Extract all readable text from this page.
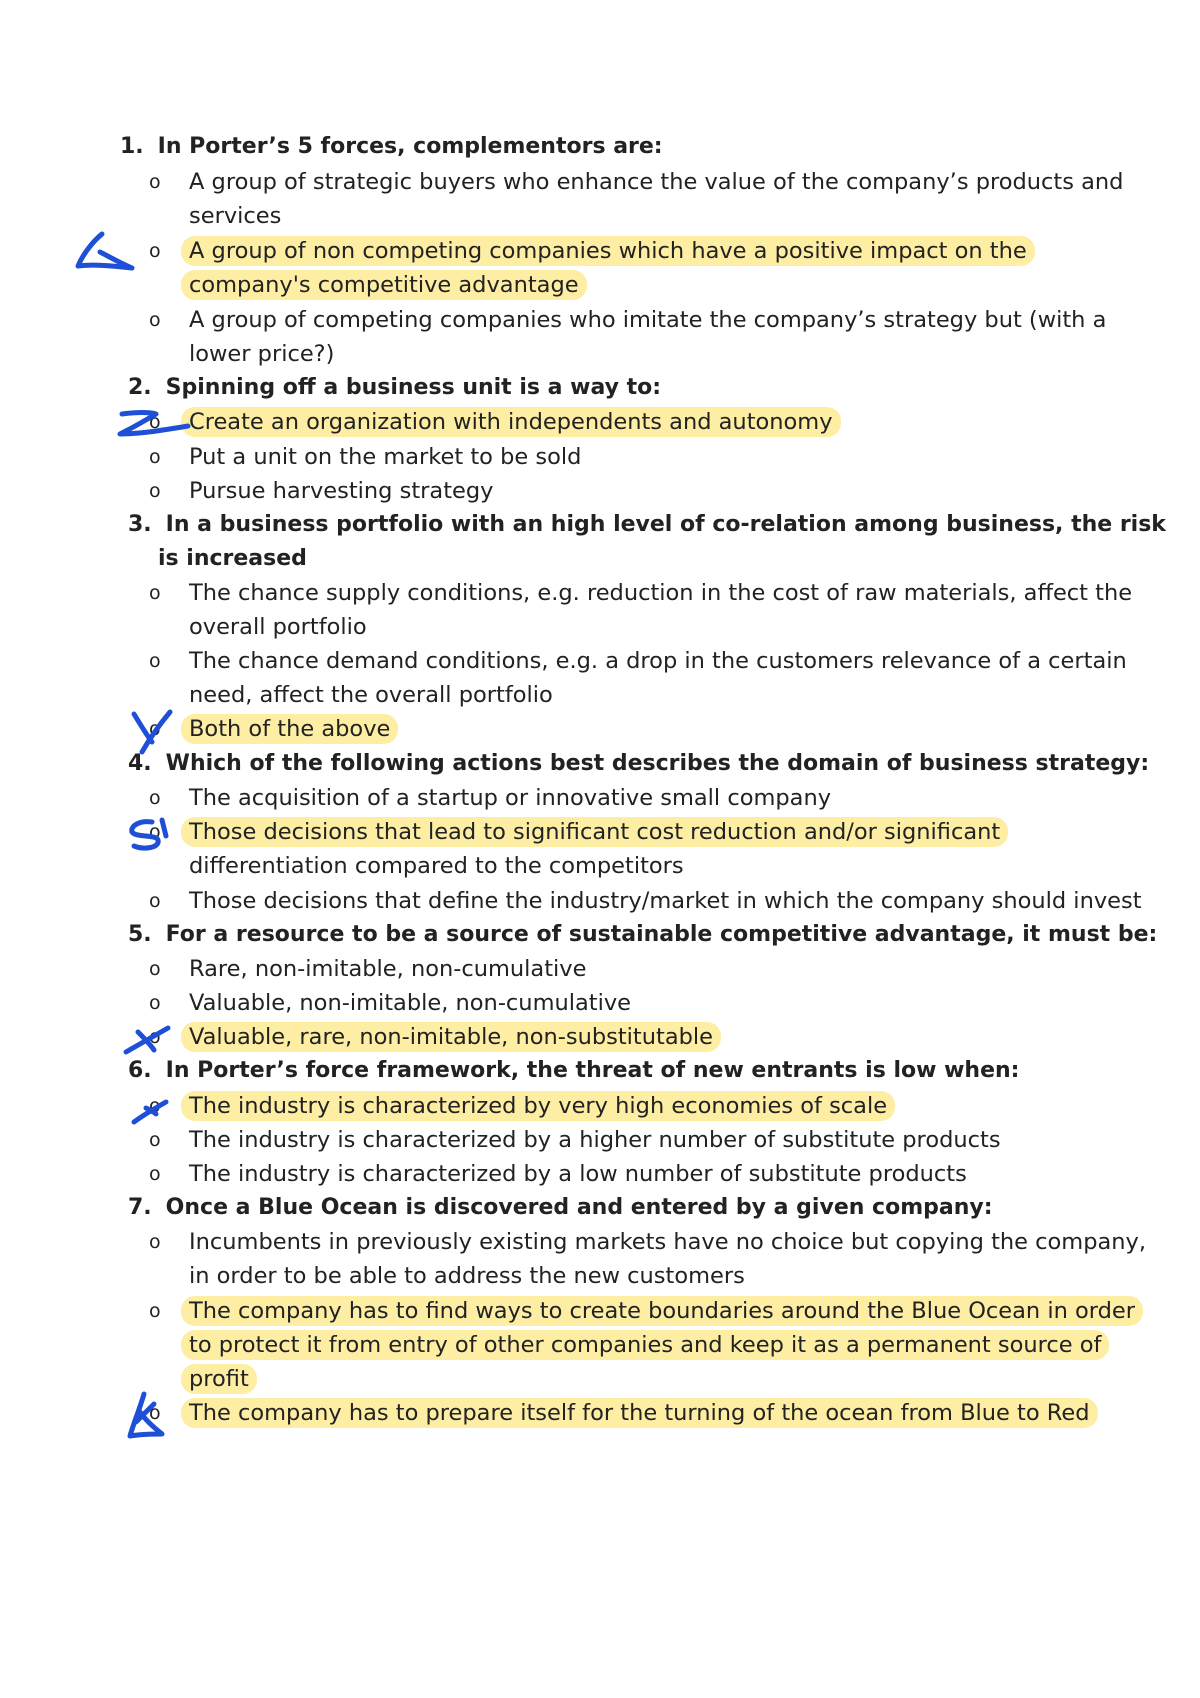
1. In Porter’s 5 forces, complementors are:
o	A group of strategic buyers who enhance the value of the company’s products and
services
o	A group of non competing companies which have a positive impact on the
company's competitive advantage
o	A group of competing companies who imitate the company’s strategy but (with a
lower price?)
2. Spinning off a business unit is a way to:
o	Create an organization with independents and autonomy
o	Put a unit on the market to be sold
o	Pursue harvesting strategy
3. In a business portfolio with an high level of co-relation among business, the risk
is increased
o	The chance supply conditions, e.g. reduction in the cost of raw materials, affect the
overall portfolio
o	The chance demand conditions, e.g. a drop in the customers relevance of a certain
need, affect the overall portfolio
o	Both of the above
4. Which of the following actions best describes the domain of business strategy:
o	The acquisition of a startup or innovative small company
o	Those decisions that lead to significant cost reduction and/or significant
differentiation compared to the competitors
o	Those decisions that define the industry/market in which the company should invest
5. For a resource to be a source of sustainable competitive advantage, it must be:
o	Rare, non-imitable, non-cumulative
o	Valuable, non-imitable, non-cumulative
o	Valuable, rare, non-imitable, non-substitutable
6. In Porter’s force framework, the threat of new entrants is low when:
o	The industry is characterized by very high economies of scale
o	The industry is characterized by a higher number of substitute products
o	The industry is characterized by a low number of substitute products
7. Once a Blue Ocean is discovered and entered by a given company:
o	Incumbents in previously existing markets have no choice but copying the company,
in order to be able to address the new customers
o	The company has to find ways to create boundaries around the Blue Ocean in order
to protect it from entry of other companies and keep it as a permanent source of
profit
o	The company has to prepare itself for the turning of the ocean from Blue to Red
